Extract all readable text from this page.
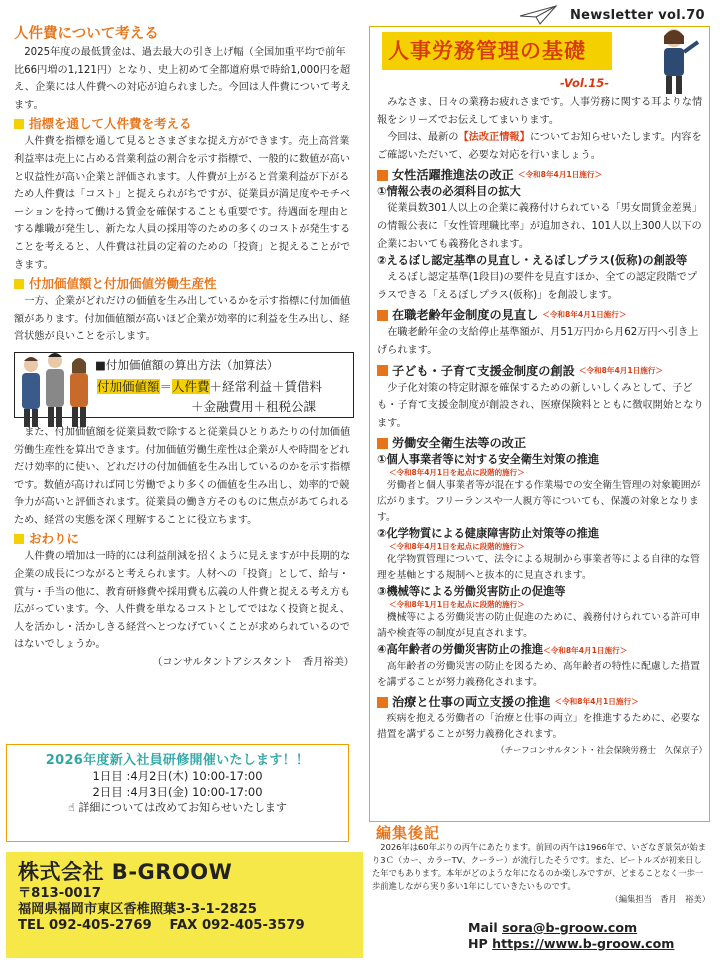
Newsletter vol.70
人件費について考える
2025年度の最低賃金は、過去最大の引き上げ幅（全国加重平均で前年比66円増の1,121円）となり、史上初めて全都道府県で時給1,000円を超え、企業には人件費への対応が迫られました。今回は人件費について考えます。
指標を通して人件費を考える
人件費を指標を通して見るとさまざまな捉え方ができます。売上高営業利益率は売上に占める営業利益の割合を示す指標で、一般的に数値が高いと収益性が高い企業と評価されます。人件費が上がると営業利益が下がるため人件費は「コスト」と捉えられがちですが、従業員が満足度やモチベーションを持って働ける賃金を確保することも重要です。待遇面を理由とする離職が発生し、新たな人員の採用等のための多くのコストが発生することを考えると、人件費は社員の定着のための「投資」と捉えることができます。
付加価値額と付加価値労働生産性
一方、企業がどれだけの価値を生み出しているかを示す指標に付加価値額があります。付加価値額が高いほど企業が効率的に利益を生み出し、経営状態が良いことを示します。
■付加価値額の算出方法（加算法）
付加価値額＝人件費＋経常利益＋賃借料
＋金融費用＋租税公課
また、付加価値額を従業員数で除すると従業員ひとりあたりの付加価値労働生産性を算出できます。付加価値労働生産性は企業が人や時間をどれだけ効率的に使い、どれだけの付加価値を生み出しているのかを示す指標です。数値が高ければ同じ労働でより多くの価値を生み出し、効率的で競争力が高いと評価されます。従業員の働き方そのものに焦点があてられるため、経営の実態を深く理解することに役立ちます。
おわりに
人件費の増加は一時的には利益削減を招くように見えますが中長期的な企業の成長につながると考えられます。人材への「投資」として、給与・賞与・手当の他に、教育研修費や採用費も広義の人件費と捉える考え方も広がっています。今、人件費を単なるコストとしてではなく投資と捉え、人を活かし・活かしきる経営へとつなげていくことが求められているのではないでしょうか。
（コンサルタントアシスタント　香月裕美）
2026年度新入社員研修開催いたします！！
1日目 :4月2日(木) 10:00-17:00
2日目 :4月3日(金) 10:00-17:00
☝ 詳細については改めてお知らせいたします
株式会社 B-GROOW
〒813-0017
福岡県福岡市東区香椎照葉3-3-1-2825
TEL 092-405-2769　 FAX 092-405-3579
人事労務管理の基礎
-Vol.15-
みなさま、日々の業務お疲れさまです。人事労務に関する耳よりな情報をシリーズでお伝えしてまいります。
今回は、最新の【法改正情報】についてお知らせいたします。内容をご確認いただいて、必要な対応を行いましょう。
女性活躍推進法の改正 ＜令和8年4月1日施行＞
①情報公表の必須科目の拡大
従業員数301人以上の企業に義務付けられている「男女間賃金差異」の情報公表に「女性管理職比率」が追加され、101人以上300人以下の企業においても義務化されます。
②えるぼし認定基準の見直し・えるぼしプラス(仮称)の創設等
えるぼし認定基準(1段目)の要件を見直すほか、全ての認定段階でプラスできる「えるぼしプラス(仮称)」を創設します。
在職老齢年金制度の見直し ＜令和8年4月1日施行＞
在職老齢年金の支給停止基準額が、月51万円から月62万円へ引き上げられます。
子ども・子育て支援金制度の創設 ＜令和8年4月1日施行＞
少子化対策の特定財源を確保するための新しいしくみとして、子ども・子育て支援金制度が創設され、医療保険料とともに徴収開始となります。
労働安全衛生法等の改正
①個人事業者等に対する安全衛生対策の推進
＜令和8年4月1日を起点に段階的施行＞
労働者と個人事業者等が混在する作業場での安全衛生管理の対象範囲が広がります。フリーランスや一人親方等についても、保護の対象となります。
②化学物質による健康障害防止対策等の推進
＜令和8年4月1日を起点に段階的施行＞
化学物質管理について、法令による規制から事業者等による自律的な管理を基軸とする規制へと抜本的に見直されます。
③機械等による労働災害防止の促進等
＜令和8年1月1日を起点に段階的施行＞
機械等による労働災害の防止促進のために、義務付けられている許可申請や検査等の制度が見直されます。
④高年齢者の労働災害防止の推進＜令和8年4月1日施行＞
高年齢者の労働災害の防止を図るため、高年齢者の特性に配慮した措置を講ずることが努力義務化されます。
治療と仕事の両立支援の推進 ＜令和8年4月1日施行＞
疾病を抱える労働者の「治療と仕事の両立」を推進するために、必要な措置を講ずることが努力義務化されます。
（チーフコンサルタント・社会保険労務士　久保京子）
編集後記
2026年は60年ぶりの丙午にあたります。前回の丙午は1966年で、いざなぎ景気が始まり3Ｃ（カー、カラーTV、クーラー）が流行したそうです。また、ビートルズが初来日した年でもあります。本年がどのような年になるのか楽しみですが、どまることなく一歩一歩前進しながら実り多い1年にしていきたいものです。
（編集担当　香月　裕美）
Mail sora@b-groow.com
HP https://www.b-groow.com
